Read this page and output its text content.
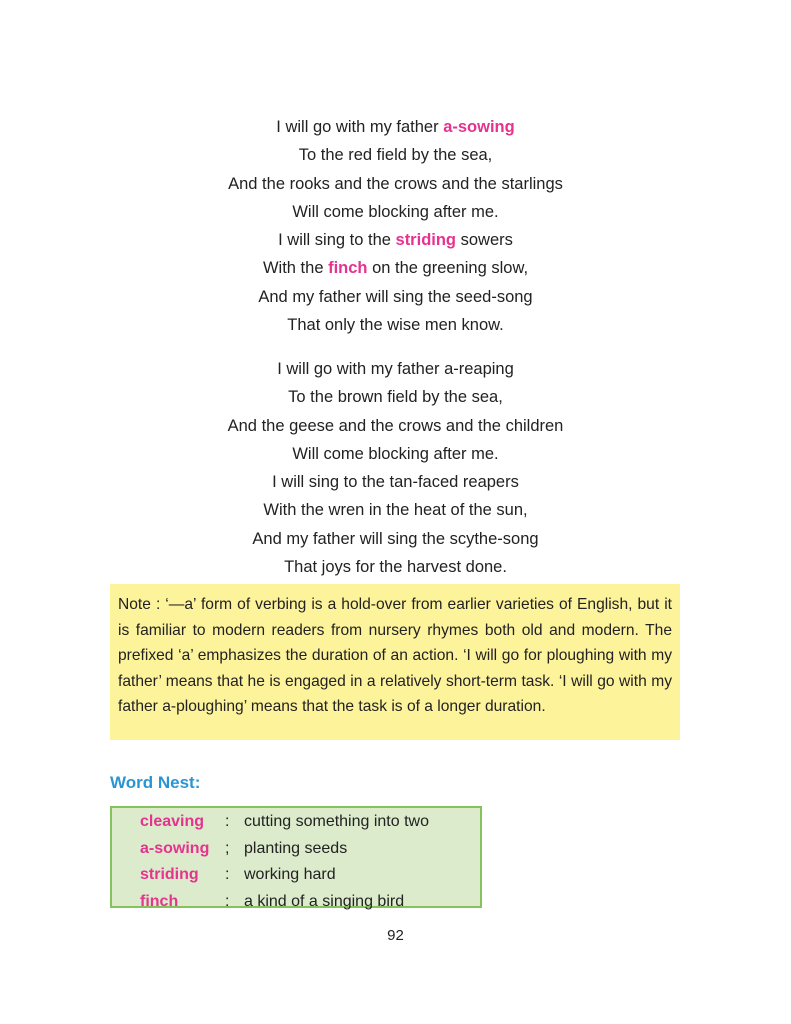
I will go with my father a-sowing
To the red field by the sea,
And the rooks and the crows and the starlings
Will come blocking after me.
I will sing to the striding sowers
With the finch on the greening slow,
And my father will sing the seed-song
That only the wise men know.
I will go with my father a-reaping
To the brown field by the sea,
And the geese and the crows and the children
Will come blocking after me.
I will sing to the tan-faced reapers
With the wren in the heat of the sun,
And my father will sing the scythe-song
That joys for the harvest done.
Note : ‘—a’ form of verbing is a hold-over from earlier varieties of English, but it is familiar to modern readers from nursery rhymes both old and modern. The prefixed ‘a’ emphasizes the duration of an action. ‘I will go for ploughing with my father’ means that he is engaged in a relatively short-term task. ‘I will go with my father a-ploughing’ means that the task is of a longer duration.
Word Nest:
cleaving : cutting something into two
a-sowing ; planting seeds
striding : working hard
finch	: a kind of a singing bird
92
